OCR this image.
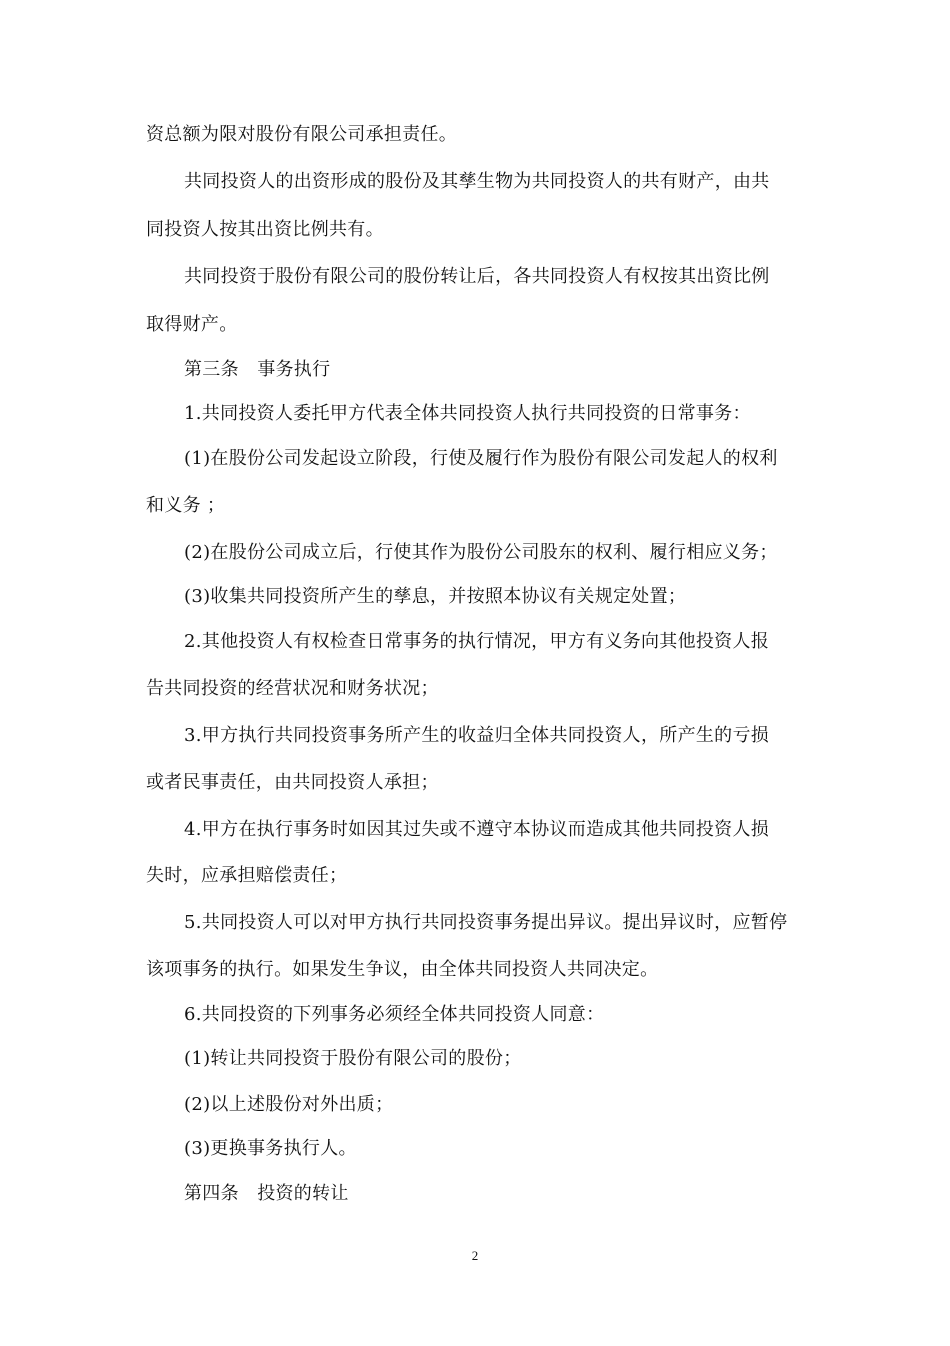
资总额为限对股份有限公司承担责任。
共同投资人的出资形成的股份及其孳生物为共同投资人的共有财产，由共
同投资人按其出资比例共有。
共同投资于股份有限公司的股份转让后，各共同投资人有权按其出资比例
取得财产。
第三条　事务执行
1.共同投资人委托甲方代表全体共同投资人执行共同投资的日常事务：
(1)在股份公司发起设立阶段，行使及履行作为股份有限公司发起人的权利
和义务 ；
(2)在股份公司成立后，行使其作为股份公司股东的权利、履行相应义务；
(3)收集共同投资所产生的孳息，并按照本协议有关规定处置；
2.其他投资人有权检查日常事务的执行情况，甲方有义务向其他投资人报
告共同投资的经营状况和财务状况；
3.甲方执行共同投资事务所产生的收益归全体共同投资人，所产生的亏损
或者民事责任，由共同投资人承担；
4.甲方在执行事务时如因其过失或不遵守本协议而造成其他共同投资人损
失时，应承担赔偿责任；
5.共同投资人可以对甲方执行共同投资事务提出异议。提出异议时，应暂停
该项事务的执行。如果发生争议，由全体共同投资人共同决定。
6.共同投资的下列事务必须经全体共同投资人同意：
(1)转让共同投资于股份有限公司的股份；
(2)以上述股份对外出质；
(3)更换事务执行人。
第四条　投资的转让
2
